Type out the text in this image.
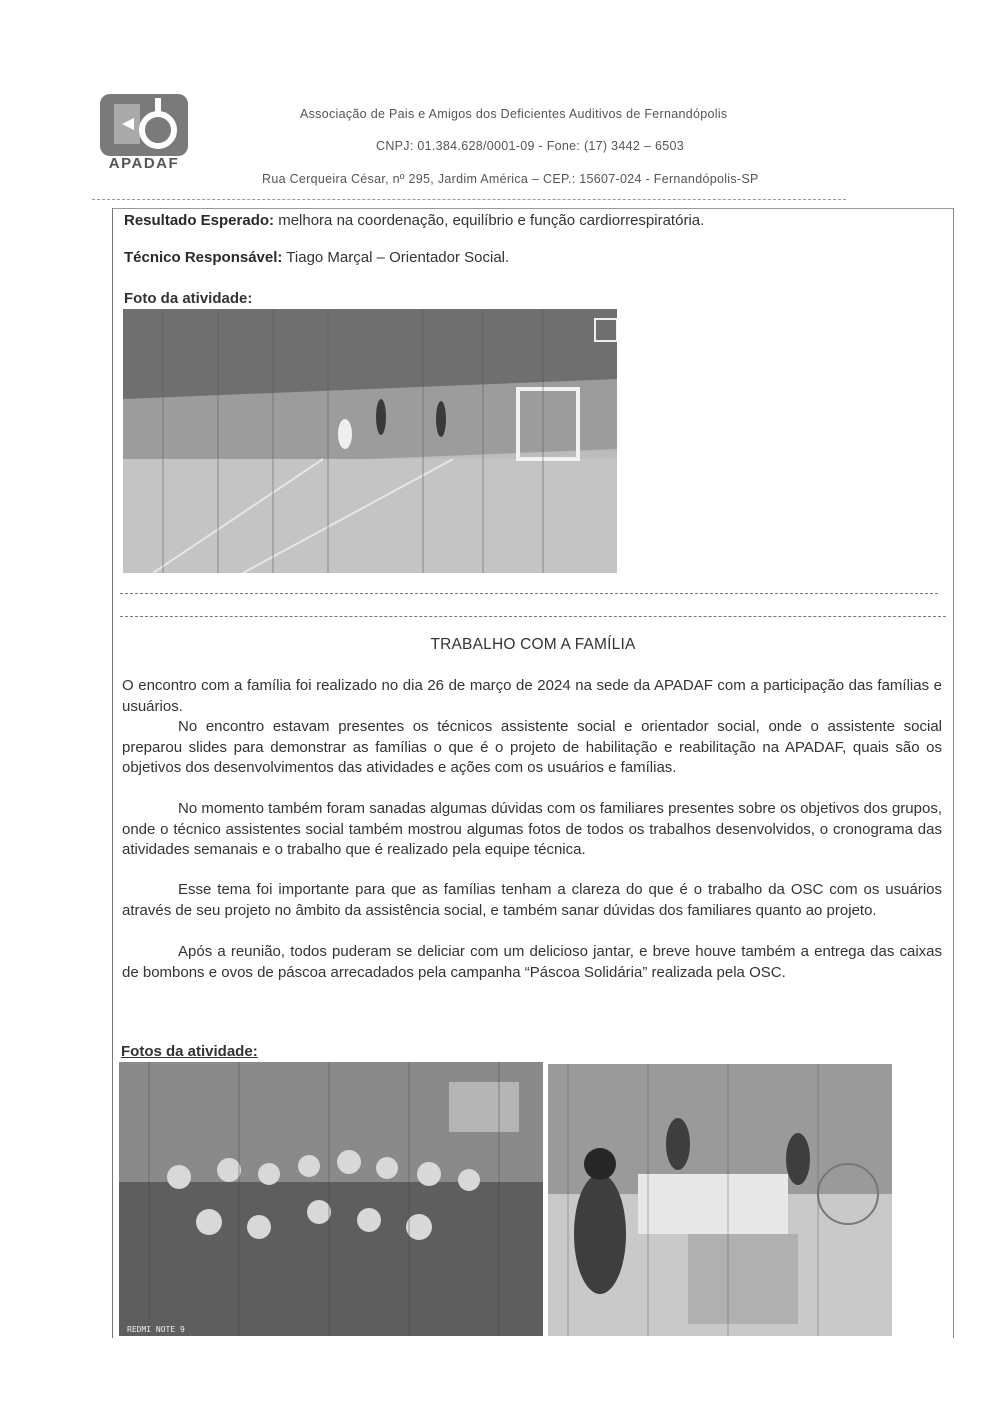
APADAF
Associação de Pais e Amigos dos Deficientes Auditivos de Fernandópolis
CNPJ: 01.384.628/0001-09 - Fone: (17) 3442 – 6503
Rua Cerqueira César, nº 295, Jardim América – CEP.: 15607-024 - Fernandópolis-SP
Resultado Esperado: melhora na coordenação, equilíbrio e função cardiorrespiratória.
Técnico Responsável: Tiago Marçal – Orientador Social.
Foto da atividade:
TRABALHO COM A FAMÍLIA

O encontro com a família foi realizado no dia 26 de março de 2024 na sede da APADAF com a participação das famílias e usuários.

No encontro estavam presentes os técnicos assistente social e orientador social, onde o assistente social preparou slides para demonstrar as famílias o que é o projeto de habilitação e reabilitação na APADAF, quais são os objetivos dos desenvolvimentos das atividades e ações com os usuários e famílias.

No momento também foram sanadas algumas dúvidas com os familiares presentes sobre os objetivos dos grupos, onde o técnico assistentes social também mostrou algumas fotos de todos os trabalhos desenvolvidos, o cronograma das atividades semanais e o trabalho que é realizado pela equipe técnica.

Esse tema foi importante para que as famílias tenham a clareza do que é o trabalho da OSC com os usuários através de seu projeto no âmbito da assistência social, e também sanar dúvidas dos familiares quanto ao projeto.

Após a reunião, todos puderam se deliciar com um delicioso jantar, e breve houve também a entrega das caixas de bombons e ovos de páscoa arrecadados pela campanha “Páscoa Solidária” realizada pela OSC.

Fotos da atividade:
REDMI NOTE 9
